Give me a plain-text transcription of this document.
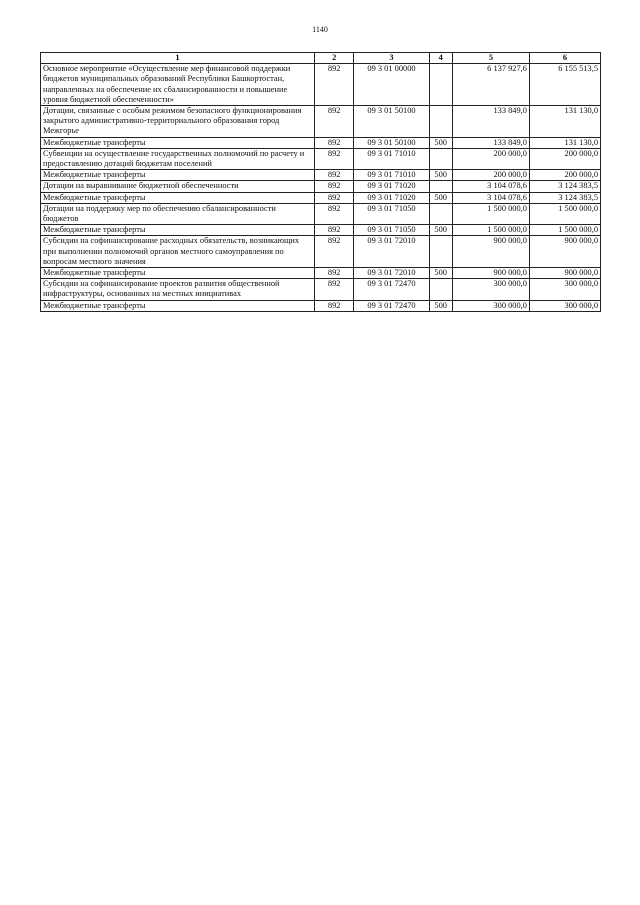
1140
1	2	3	4	5	6
Основное мероприятие «Осуществление мер финансовой поддержки бюджетов муниципальных образований Республики Башкортостан, направленных на обеспечение их сбалансированности и повышение уровня бюджетной обеспеченности»	892	09 3 01 00000		6 137 927,6	6 155 513,5
Дотации, связанные с особым режимом безопасного функционирования закрытого административно-территориального образования город Межгорье	892	09 3 01 50100		133 849,0	131 130,0
Межбюджетные трансферты	892	09 3 01 50100	500	133 849,0	131 130,0
Субвенции на осуществление государственных полномочий по расчету и предоставлению дотаций бюджетам поселений	892	09 3 01 71010		200 000,0	200 000,0
Межбюджетные трансферты	892	09 3 01 71010	500	200 000,0	200 000,0
Дотации на выравнивание бюджетной обеспеченности	892	09 3 01 71020		3 104 078,6	3 124 383,5
Межбюджетные трансферты	892	09 3 01 71020	500	3 104 078,6	3 124 383,5
Дотации на поддержку мер по обеспечению сбалансированности бюджетов	892	09 3 01 71050		1 500 000,0	1 500 000,0
Межбюджетные трансферты	892	09 3 01 71050	500	1 500 000,0	1 500 000,0
Субсидии на софинансирование расходных обязательств, возникающих при выполнении полномочий органов местного самоуправления по вопросам местного значения	892	09 3 01 72010		900 000,0	900 000,0
Межбюджетные трансферты	892	09 3 01 72010	500	900 000,0	900 000,0
Субсидии на софинансирование проектов развития общественной инфраструктуры, основанных на местных инициативах	892	09 3 01 72470		300 000,0	300 000,0
Межбюджетные трансферты	892	09 3 01 72470	500	300 000,0	300 000,0
